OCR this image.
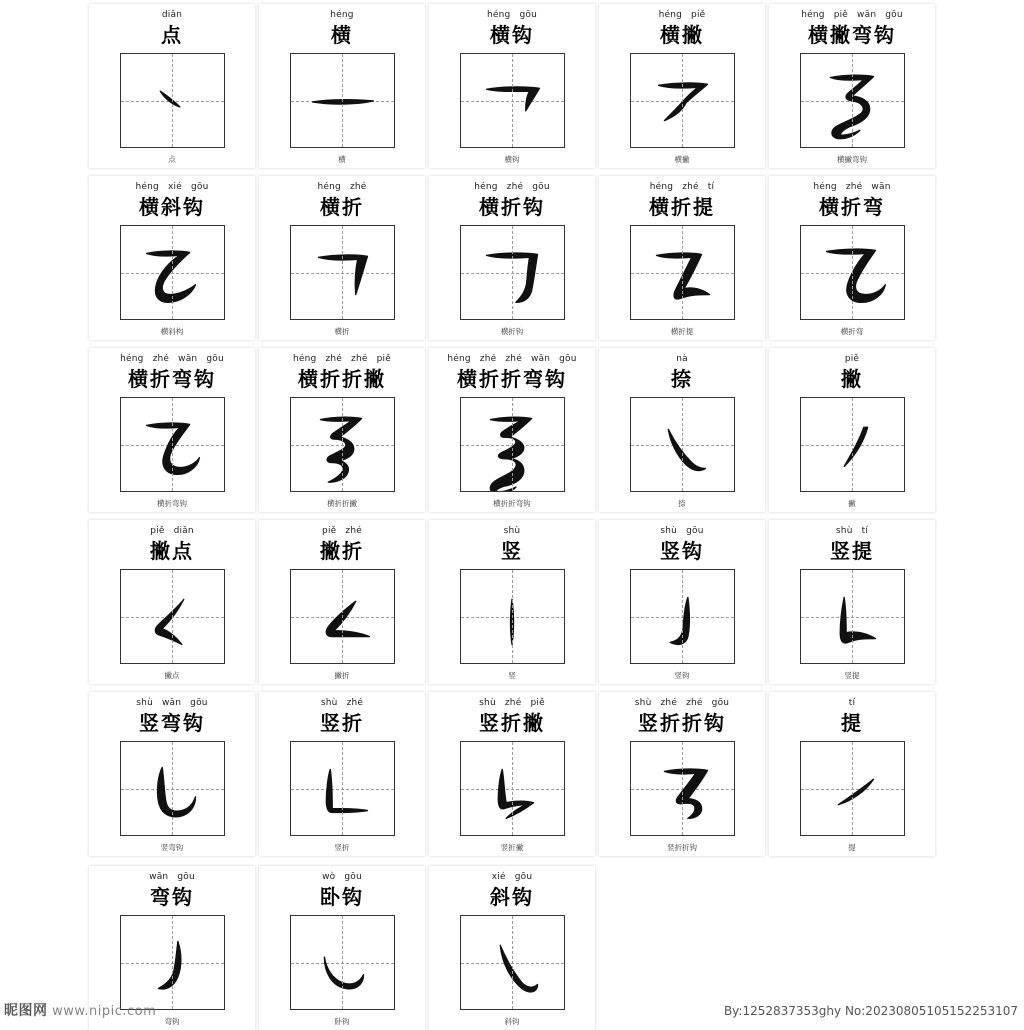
diǎn
点
点
héng
横
横
héng gōu
横钩
横钩
héng piě
横撇
横撇
héng piě wān gōu
横撇弯钩
横撇弯钩
héng xié gōu
横斜钩
横斜构
héng zhé
横折
横折
héng zhé gōu
横折钩
横折钩
héng zhé tí
横折提
横折提
héng zhé wān
横折弯
横折弯
héng zhé wān gōu
横折弯钩
横折弯钩
héng zhé zhé piě
横折折撇
横折折撇
héng zhé zhé wān gōu
横折折弯钩
横折折弯钩
nà
捺
捺
piě
撇
撇
piě diǎn
撇点
撇点
piě zhé
撇折
撇折
shù
竖
竖
shù gōu
竖钩
竖钩
shù tí
竖提
竖提
shù wān gōu
竖弯钩
竖弯钩
shù zhé
竖折
竖折
shù zhé piě
竖折撇
竖折撇
shù zhé zhé gōu
竖折折钩
竖折折钩
tí
提
提
wān gōu
弯钩
弯钩
wò gōu
卧钩
卧钩
xié gōu
斜钩
斜钩
昵图网 www.nipic.com	By:1252837353ghy No:20230805105152253107
